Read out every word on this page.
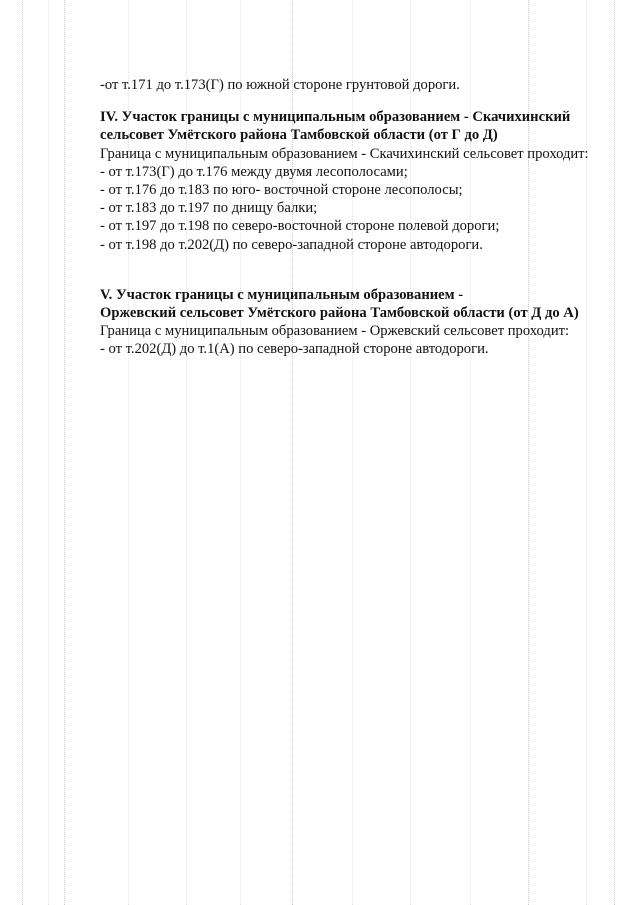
-от т.171 до т.173(Г) по южной стороне грунтовой дороги.

IV. Участок границы с муниципальным образованием - Скачихинский

сельсовет Умётского района Тамбовской области (от Г до Д)

Граница с муниципальным образованием - Скачихинский сельсовет проходит:

- от т.173(Г) до т.176 между двумя лесополосами;

- от т.176 до т.183 по юго- восточной стороне лесополосы;

- от т.183 до т.197 по днищу балки;

- от т.197 до т.198 по северо-восточной стороне полевой дороги;

- от т.198 до т.202(Д) по северо-западной стороне автодороги.

V. Участок границы с муниципальным образованием -

Оржевский сельсовет Умётского района Тамбовской области (от Д до А)

Граница с муниципальным образованием - Оржевский сельсовет проходит:

- от т.202(Д) до т.1(А) по северо-западной стороне автодороги.
